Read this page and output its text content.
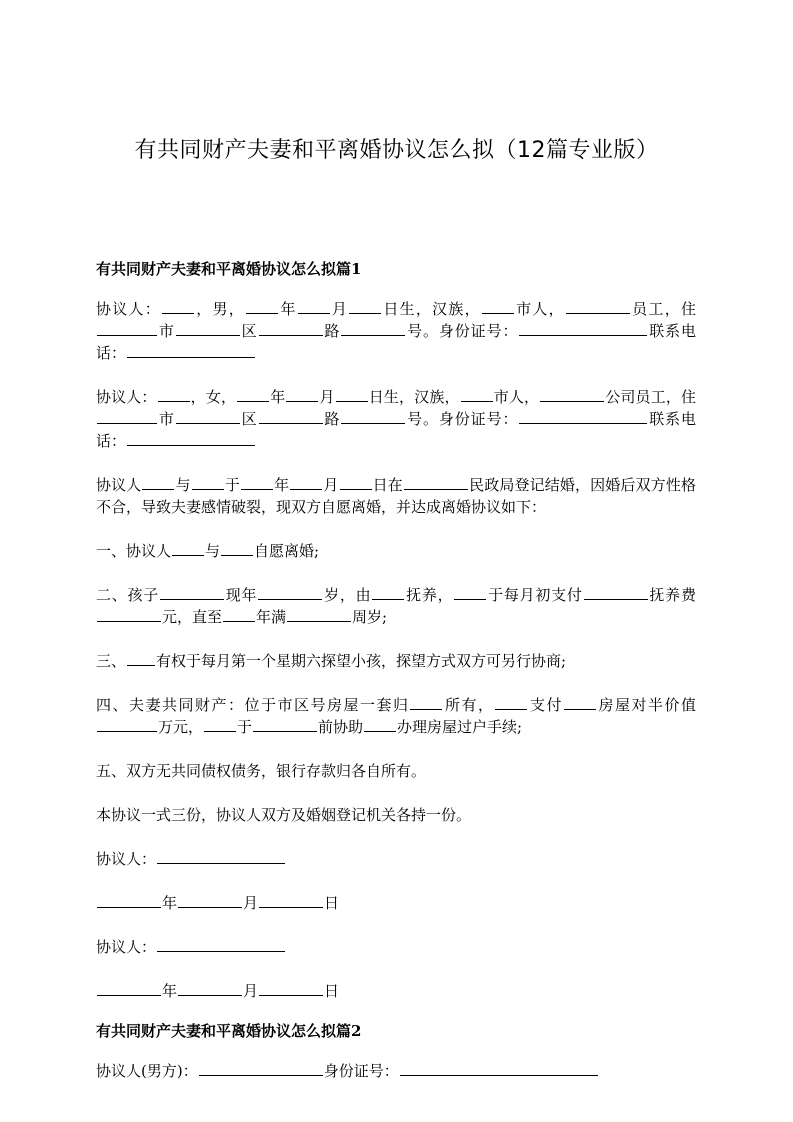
有共同财产夫妻和平离婚协议怎么拟（12篇专业版）
有共同财产夫妻和平离婚协议怎么拟篇1
协议人： ，男， 年 月 日生，汉族， 市人，	员工，住市	区	路	号。身份证号：	联系电话：
协议人： ，女， 年 月 日生，汉族， 市人，	公司员工，住市	区	路	号。身份证号：	联系电话：
协议人 与 于 年 月 日在	民政局登记结婚，因婚后双方性格不合，导致夫妻感情破裂，现双方自愿离婚，并达成离婚协议如下：
一、协议人 与 自愿离婚;
二、孩子	现年	岁，由 抚养， 于每月初支付	抚养费元，直至 年满	周岁;
三、 有权于每月第一个星期六探望小孩，探望方式双方可另行协商;
四、夫妻共同财产：位于市区号房屋一套归 所有， 支付 房屋对半价值万元， 于	前协助 办理房屋过户手续;
五、双方无共同债权债务，银行存款归各自所有。
本协议一式三份，协议人双方及婚姻登记机关各持一份。
协议人：
年	月	日
协议人：
年	月	日
有共同财产夫妻和平离婚协议怎么拟篇2
协议人(男方)：	身份证号：
